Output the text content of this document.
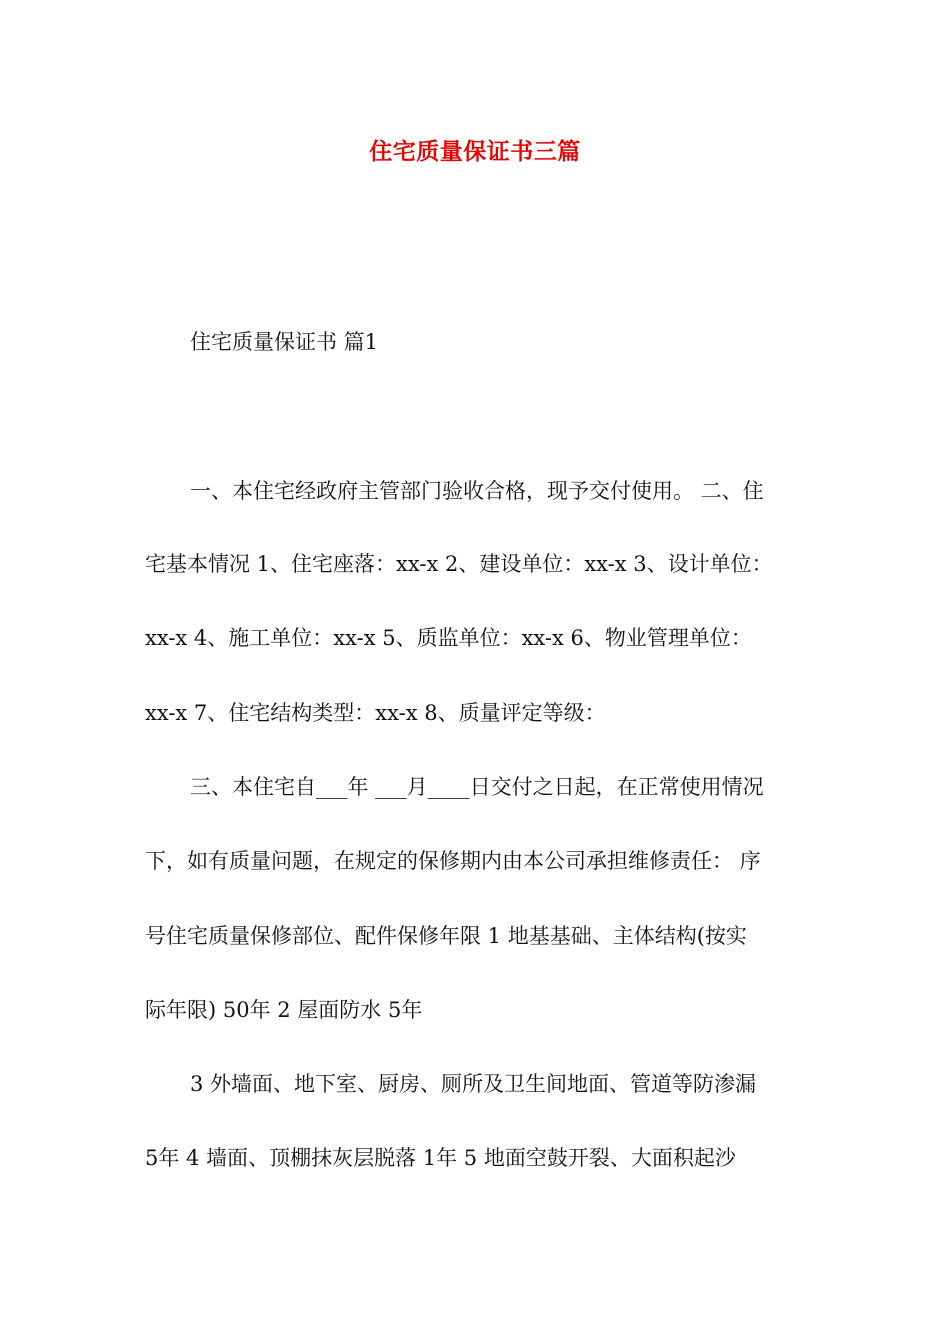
住宅质量保证书三篇

住宅质量保证书 篇1

一、本住宅经政府主管部门验收合格，现予交付使用。 二、住

宅基本情况 1、住宅座落：xx-x 2、建设单位：xx-x 3、设计单位：

xx-x 4、施工单位：xx-x 5、质监单位：xx-x 6、物业管理单位：

xx-x 7、住宅结构类型：xx-x 8、质量评定等级：

三、本住宅自___年 ___月____日交付之日起，在正常使用情况

下，如有质量问题，在规定的保修期内由本公司承担维修责任： 序

号住宅质量保修部位、配件保修年限 1 地基基础、主体结构(按实

际年限) 50年 2 屋面防水 5年

3 外墙面、地下室、厨房、厕所及卫生间地面、管道等防渗漏

5年 4 墙面、顶棚抹灰层脱落 1年 5 地面空鼓开裂、大面积起沙
